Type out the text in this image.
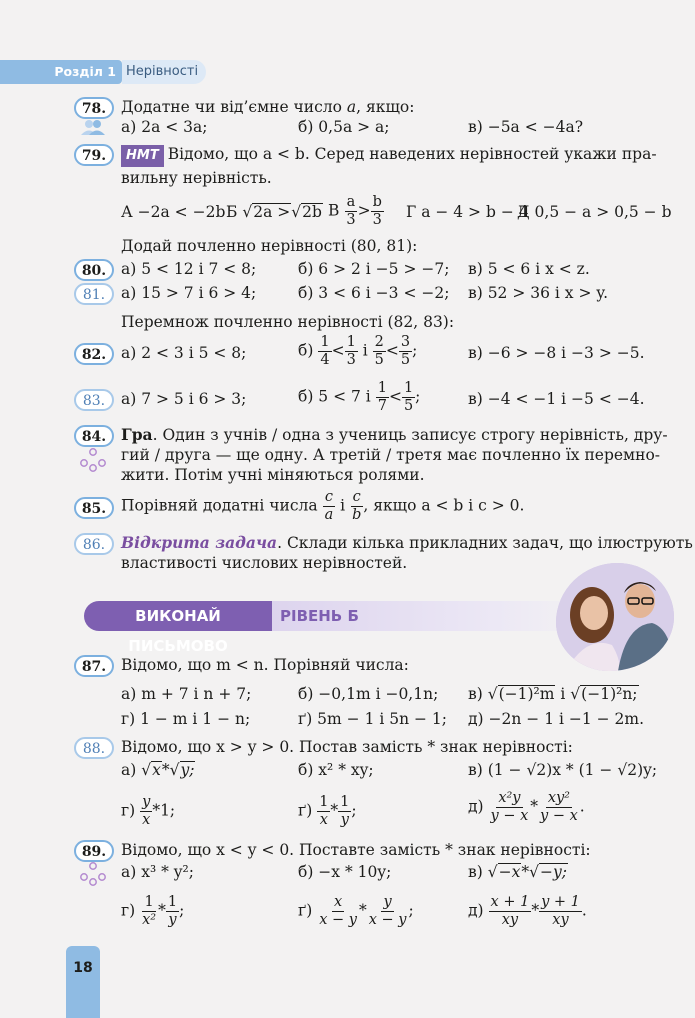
Розділ 1 Нерівності
78. Додатне чи від’ємне число a, якщо:
а) 2a < 3a;	б) 0,5a > a;	в) −5a < −4a?
79.	НМТ Відомо, що a < b. Серед наведених нерівностей укажи пра-
вильну нерівність.
А −2a < −2b Б √2a >√2b В $\frac{a}{3} > \frac{b}{3}$ Г a − 4 > b − 4
Д 0,5 − a > 0,5 − b
Додай почленно нерівності (80, 81):
80. а) 5 < 12 і 7 < 8;	б) 6 > 2 і −5 > −7; в) 5 < 6 і x < z.
81.	а) 15 > 7 і 6 > 4;	б) 3 < 6 і −3 < −2; в) 52 > 36 і x > y.
Перемнож почленно нерівності (82, 83):
82. а) 2 < 3 і 5 < 8;	$б) \frac{1}{4} < \frac{1}{3}$ і $\frac{2}{5} < \frac{3}{5}$ ;	в) −6 > −8 і −3 > −5.
83.	а) 7 > 5 і 6 > 3;	б) 5 < 7 і $\frac{1}{7} < \frac{1}{5}$ ;	в) −4 < −1 і −5 < −4.
84. Гра. Один з учнів / одна з учениць записує строгу нерівність, дру-
гий / друга — ще одну. А третій / третя має почленно їх перемно-
жити. Потім учні міняються ролями.
85. Порівняй додатні числа $\frac{c}{a}$ і $\frac{c}{b}$ , якщо a < b і c > 0.
86.	Відкрита задача. Склади кілька прикладних задач, що ілюструють
властивості числових нерівностей.
ВИКОНАЙ ПИСЬМОВО
РІВЕНЬ Б
87. Відомо, що m < n. Порівняй числа:
а) m + 7 і n + 7;	б) −0,1m і −0,1n; в) √(−1)²m і √(−1)²n;
г) 1 − m і 1 − n;	ґ) 5m − 1 і 5n − 1; д) −2n − 1 і −1 − 2m.
88.	Відомо, що x > y > 0. Постав замість * знак нерівності:
а) √x*√y;	б) x² * xy;	в) (1 − √2)x * (1 − √2)y;
$г) \frac{y}{x} *1$;	$ґ) \frac{1}{x} * \frac{1}{y}$ ;	$д) \frac{\text{x²y}}{y - x} * \frac{\text{xy²}}{y - x}$ .
89. Відомо, що x < y < 0. Поставте замість * знак нерівності:
а) x³ * y²;	б) −x * 10y;	в) √−x*√−y;
$г) \frac{1}{\text{x²}} * \frac{1}{y}$ ;	$ґ) \frac{x}{x - y} * \frac{y}{x - y}$ ;	$д) \frac{x + 1}{xy} * \frac{y + 1}{xy}$ .
18
